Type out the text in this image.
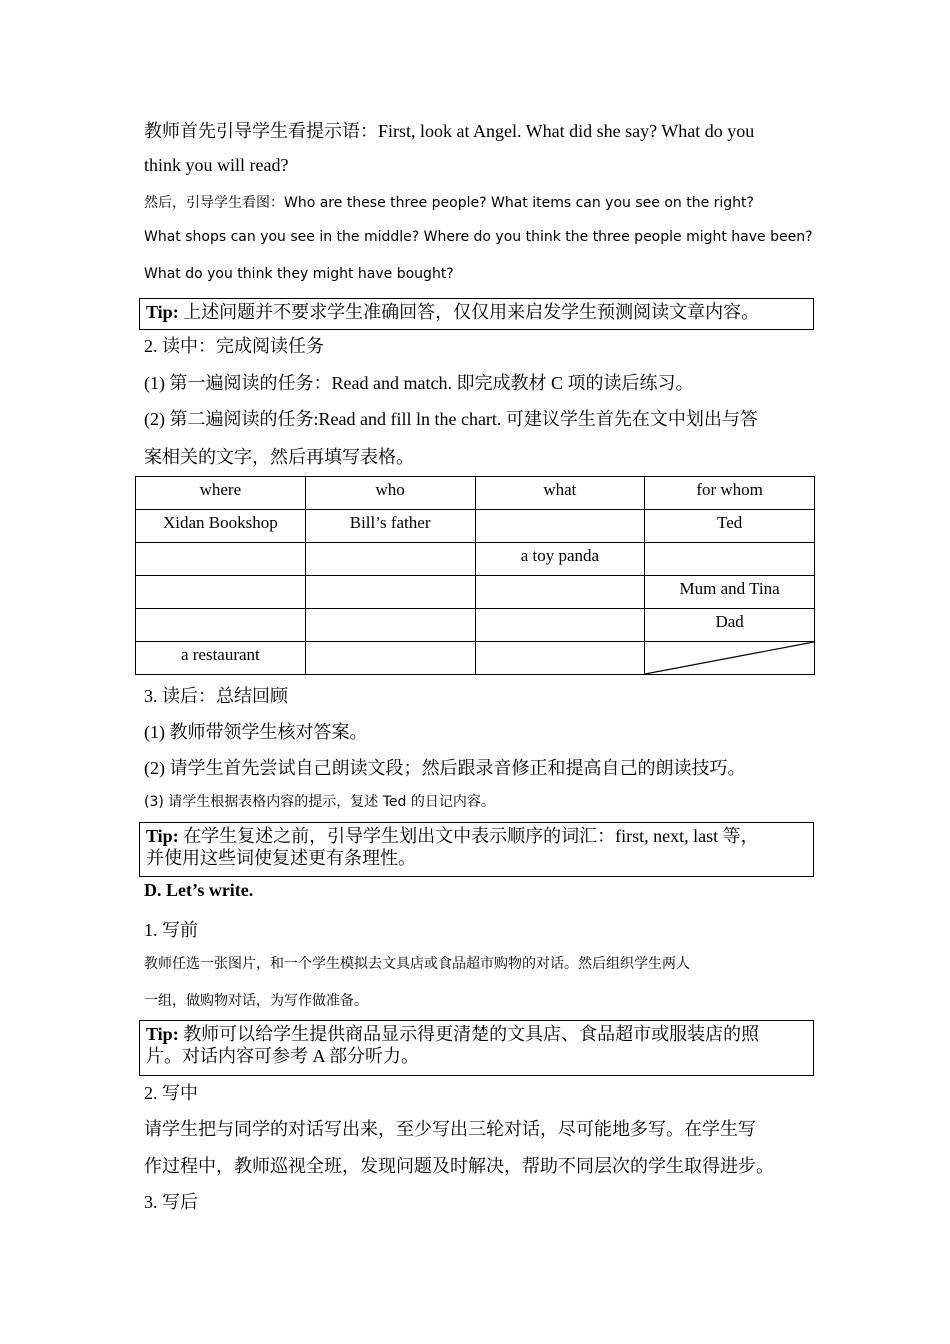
教师首先引导学生看提示语：First, look at Angel. What did she say? What do you
think you will read?
然后，引导学生看图：Who are these three people? What items can you see on the right?
What shops can you see in the middle? Where do you think the three people might have been?
What do you think they might have bought?
Tip: 上述问题并不要求学生准确回答，仅仅用来启发学生预测阅读文章内容。
2. 读中：完成阅读任务
(1) 第一遍阅读的任务：Read and match. 即完成教材 C 项的读后练习。
(2) 第二遍阅读的任务:Read and fill ln the chart. 可建议学生首先在文中划出与答
案相关的文字，然后再填写表格。
where	who	what	for whom
Xidan Bookshop	Bill’s father		Ted
		a toy panda	
			Mum and Tina
			Dad
a restaurant			
3. 读后：总结回顾
(1) 教师带领学生核对答案。
(2) 请学生首先尝试自己朗读文段；然后跟录音修正和提高自己的朗读技巧。
(3) 请学生根据表格内容的提示，复述 Ted 的日记内容。
Tip: 在学生复述之前，引导学生划出文中表示顺序的词汇：first, next, last 等，
并使用这些词使复述更有条理性。
D. Let’s write.
1. 写前
教师任选一张图片，和一个学生模拟去文具店或食品超市购物的对话。然后组织学生两人
一组，做购物对话，为写作做准备。
Tip: 教师可以给学生提供商品显示得更清楚的文具店、食品超市或服装店的照
片。对话内容可参考 A 部分听力。
2. 写中
请学生把与同学的对话写出来，至少写出三轮对话，尽可能地多写。在学生写
作过程中，教师巡视全班，发现问题及时解决，帮助不同层次的学生取得进步。
3. 写后
